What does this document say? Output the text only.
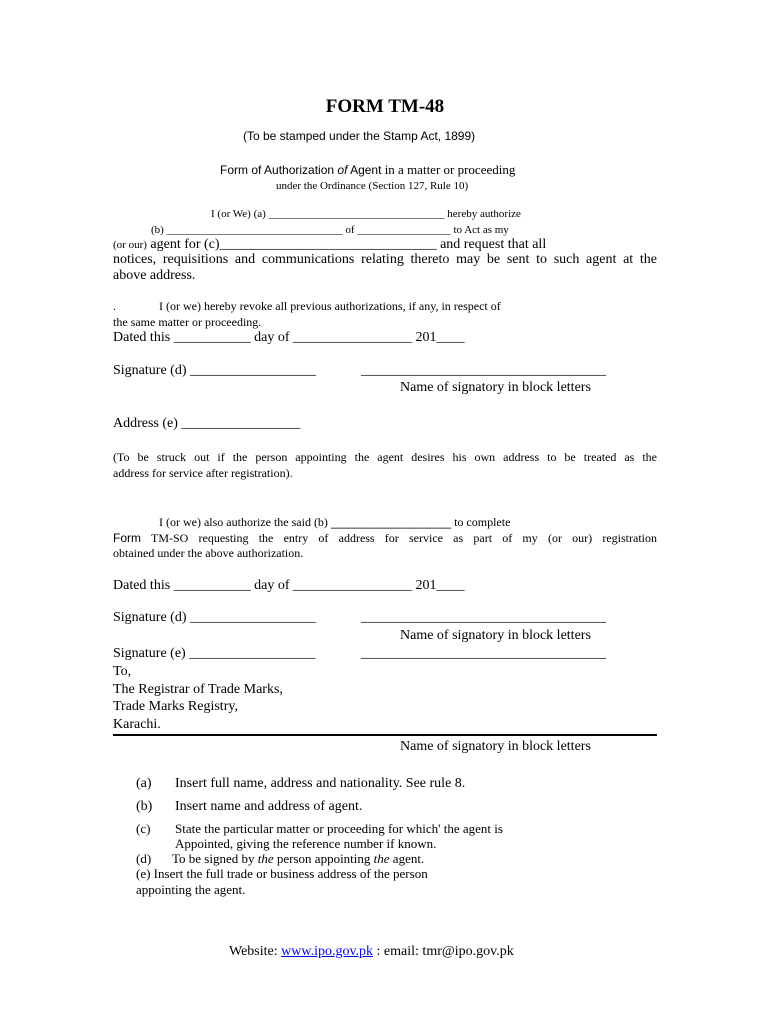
FORM TM-48
(To be stamped under the Stamp Act, 1899)
Form of Authorization of Agent in a matter or proceeding
under the Ordinance (Section 127, Rule 10)
I (or We) (a) ________________________________ hereby authorize
(b) ________________________________ of _________________ to Act as my
(or our) agent for (c)_______________________________ and request that all
notices, requisitions and communications relating thereto may be sent to such agent at the
above address.
.	I (or we) hereby revoke all previous authorizations, if any, in respect of
the same matter or proceeding.
Dated this ___________ day of _________________ 201____
Signature (d) __________________	___________________________________
Name of signatory in block letters
Address (e) _________________
(To be struck out if the person appointing the agent desires his own address to be treated as the
address for service after registration).
I (or we) also authorize the said (b) __________________ to complete
Form TM-SO requesting the entry of address for service as part of my (or our) registration
obtained under the above authorization.
Dated this ___________ day of _________________ 201____
Signature (d) __________________	___________________________________
Name of signatory in block letters
Signature (e) __________________	___________________________________
To,
The Registrar of Trade Marks,
Trade Marks Registry,
Karachi.
Name of signatory in block letters
(a) Insert full name, address and nationality. See rule 8.
(b) Insert name and address of agent.
(c) State the particular matter or proceeding for which' the agent is
Appointed, giving the reference number if known.
(d) To be signed by the person appointing the agent.
(e) Insert the full trade or business address of the person
appointing the agent.
Website: www.ipo.gov.pk : email: tmr@ipo.gov.pk
